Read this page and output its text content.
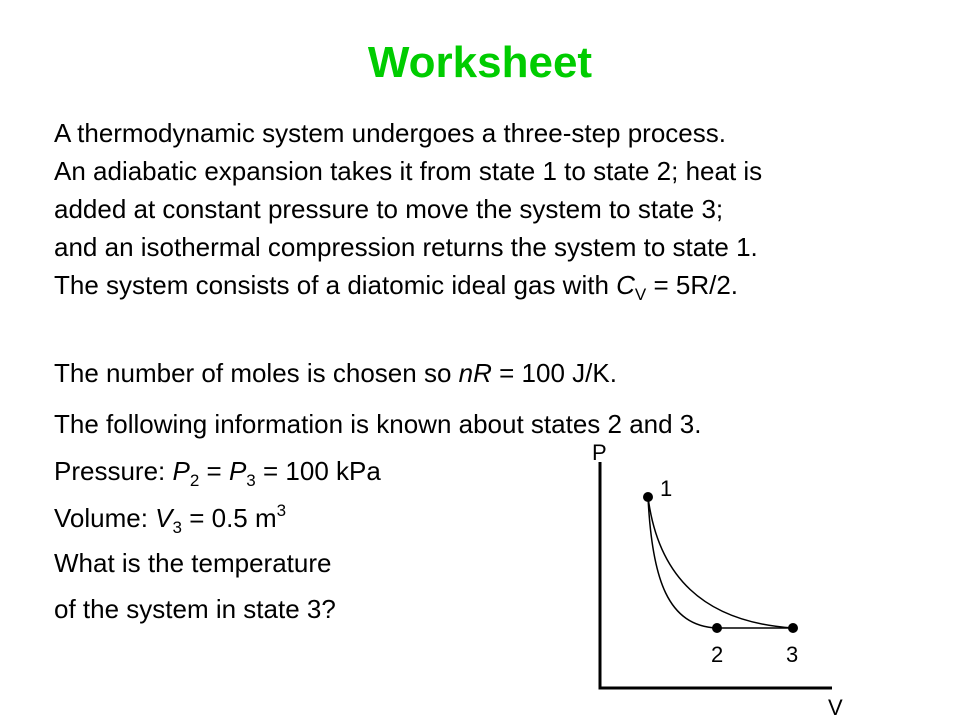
Worksheet
A thermodynamic system undergoes a three-step process.
An adiabatic expansion takes it from state 1 to state 2; heat is
added at constant pressure to move the system to state 3;
and an isothermal compression returns the system to state 1.
The system consists of a diatomic ideal gas with $C_V = 5R/2$.
The number of moles is chosen so nR = 100 J/K.
The following information is known about states 2 and 3.
Pressure: $P_2 = P_3 = 100$ kPa
Volume: $V_3 = 0.5$ $m^3$
What is the temperature
of the system in state 3?
P
V
1
2	3
